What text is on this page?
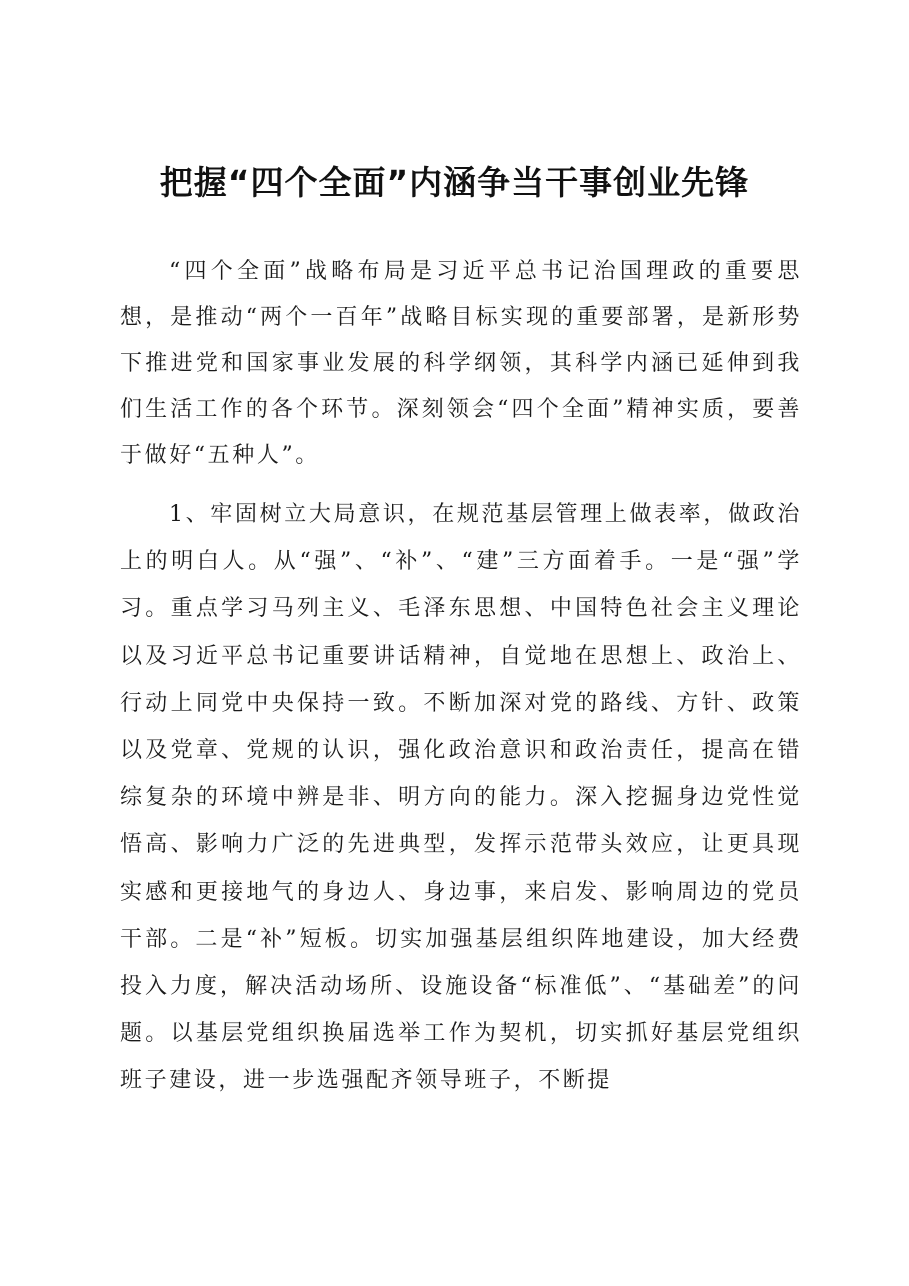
把握“四个全面”内涵争当干事创业先锋

“四个全面”战略布局是习近平总书记治国理政的重要思想，是推动“两个一百年”战略目标实现的重要部署，是新形势下推进党和国家事业发展的科学纲领，其科学内涵已延伸到我们生活工作的各个环节。深刻领会“四个全面”精神实质，要善于做好“五种人”。

1、牢固树立大局意识，在规范基层管理上做表率，做政治上的明白人。从“强”、“补”、“建”三方面着手。一是“强”学习。重点学习马列主义、毛泽东思想、中国特色社会主义理论以及习近平总书记重要讲话精神，自觉地在思想上、政治上、行动上同党中央保持一致。不断加深对党的路线、方针、政策以及党章、党规的认识，强化政治意识和政治责任，提高在错综复杂的环境中辨是非、明方向的能力。深入挖掘身边党性觉悟高、影响力广泛的先进典型，发挥示范带头效应，让更具现实感和更接地气的身边人、身边事，来启发、影响周边的党员干部。二是“补”短板。切实加强基层组织阵地建设，加大经费投入力度，解决活动场所、设施设备“标准低”、“基础差”的问题。以基层党组织换届选举工作为契机，切实抓好基层党组织班子建设，进一步选强配齐领导班子，不断提
